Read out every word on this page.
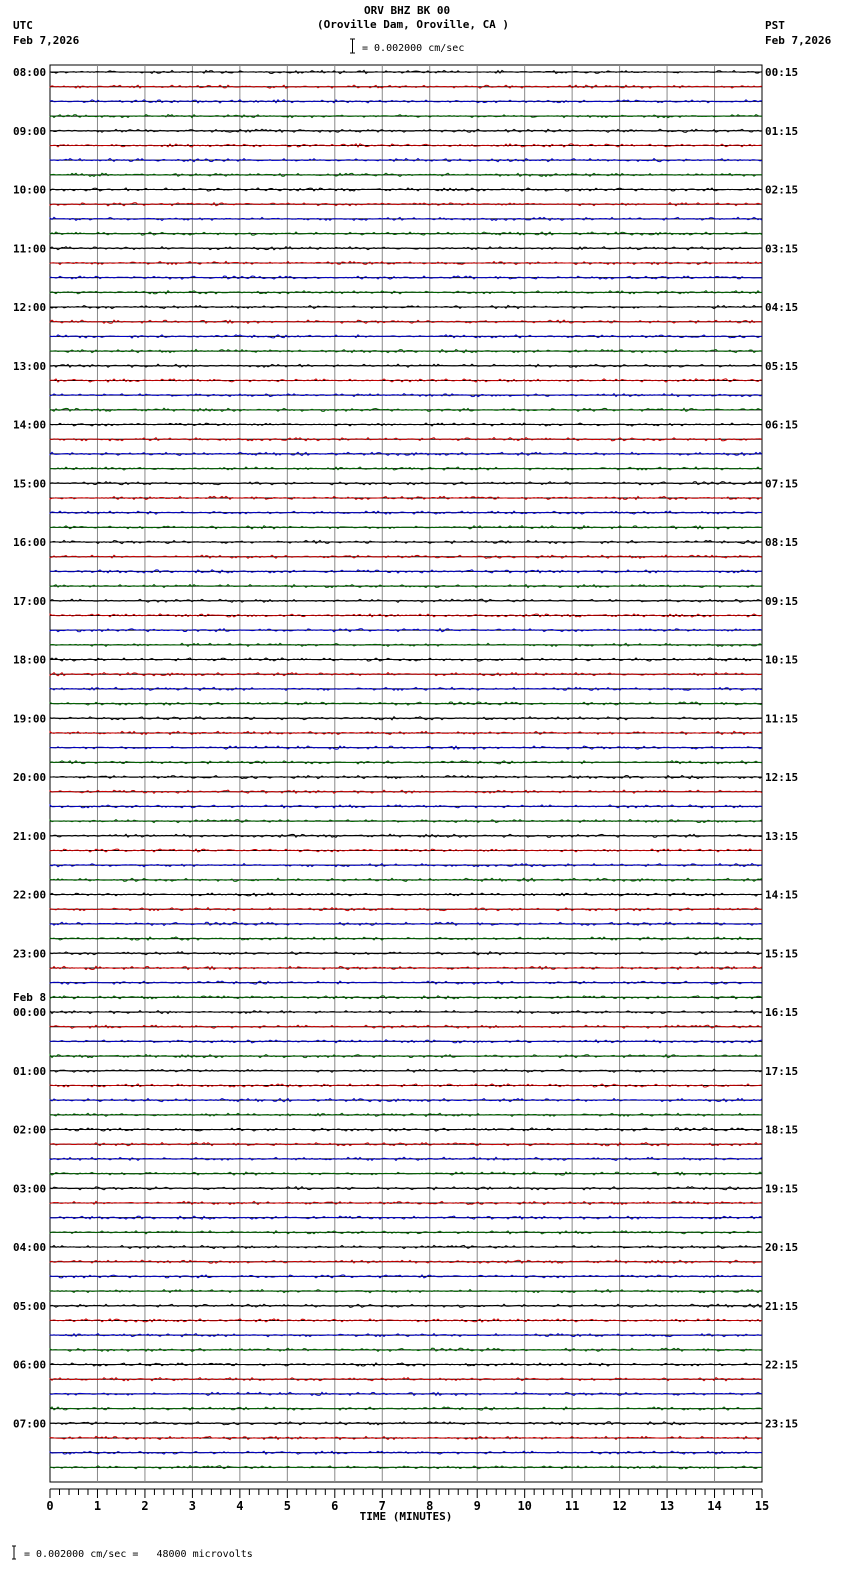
ORV BHZ BK 00
(Oroville Dam, Oroville, CA )
UTC
Feb 7,2026
PST
Feb 7,2026
= 0.002000 cm/sec
= 0.002000 cm/sec =   48000 microvolts
08:00	00:15
09:00	01:15
10:00	02:15
11:00	03:15
12:00	04:15
13:00	05:15
14:00	06:15
15:00	07:15
16:00	08:15
17:00	09:15
18:00	10:15
19:00	11:15
20:00	12:15
21:00	13:15
22:00	14:15
23:00	15:15
00:00	16:15
01:00	17:15
02:00	18:15
03:00	19:15
04:00	20:15
05:00	21:15
06:00	22:15
07:00	23:15
Feb 8
0	1	2	3	4	5	6	7	8	9	10	11	12	13	14	15
TIME (MINUTES)
